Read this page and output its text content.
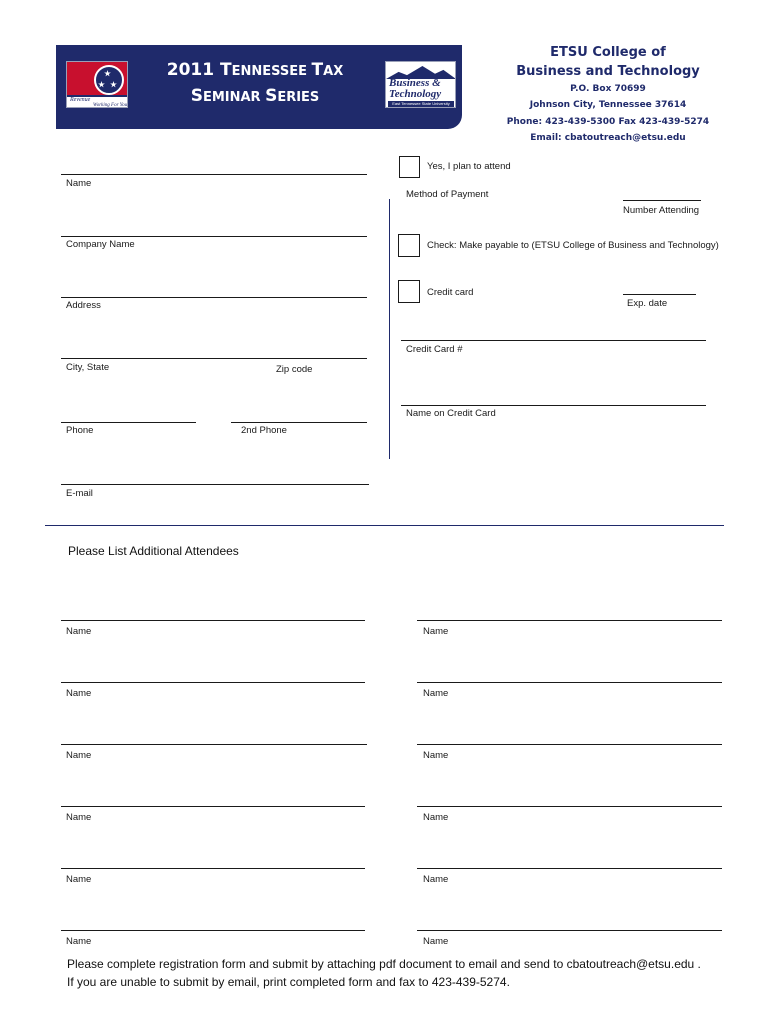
Revenue
Working For You
2011 TENNESSEE TAX
SEMINAR SERIES
Business &
Technology
East Tennessee State University
ETSU College of
Business and Technology
P.O. Box 70699
Johnson City, Tennessee 37614
Phone: 423-439-5300 Fax 423-439-5274
Email: cbatoutreach@etsu.edu
Name
Company Name
Address
City, State	Zip code
Phone	2nd Phone
E-mail
Yes, I plan to attend
Method of Payment
Number Attending
Check: Make payable to (ETSU College of Business and Technology)
Credit card
Exp. date
Credit Card #
Name on Credit Card
Please List Additional Attendees
Name	Name
Name	Name
Name	Name
Name	Name
Name	Name
Name	Name
Please complete registration form and submit by attaching pdf document to email and send to cbatoutreach@etsu.edu .
If you are unable to submit by email, print completed form and fax to 423-439-5274.
